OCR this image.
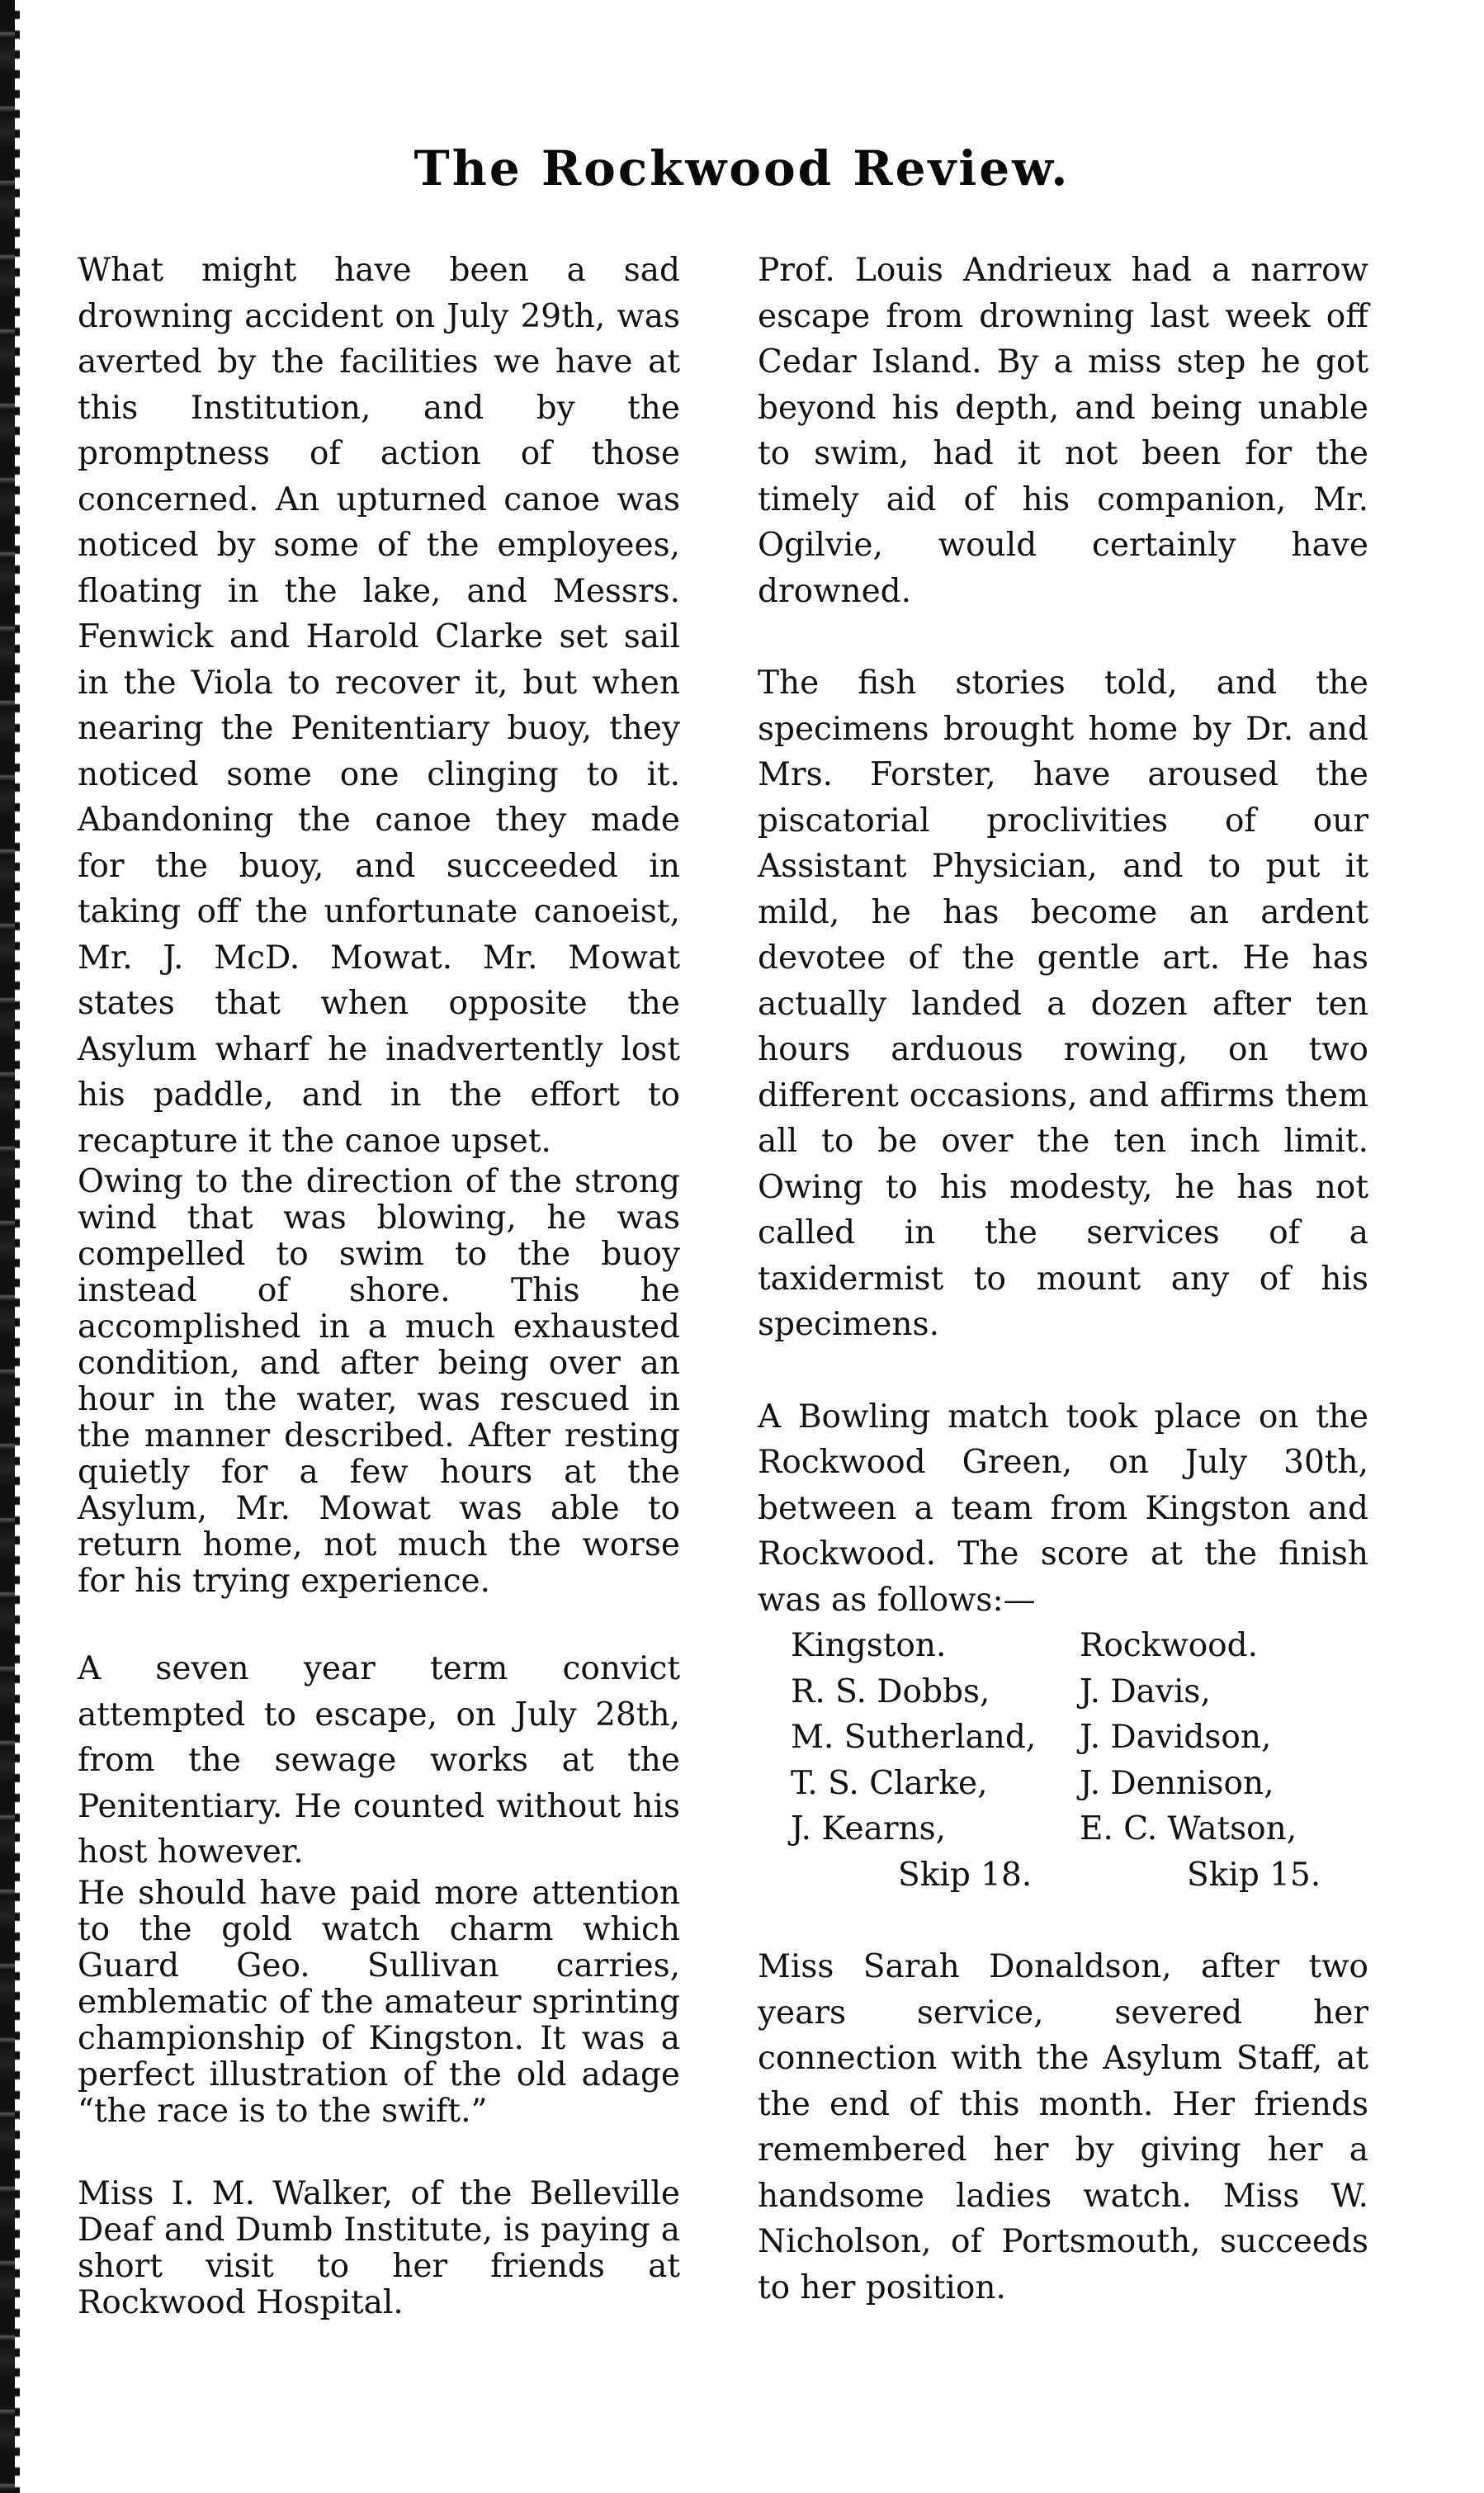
The Rockwood Review.

What might have been a sad drowning accident on July 29th, was averted by the facilities we have at this Institution, and by the promptness of action of those concerned. An upturned canoe was noticed by some of the employees, floating in the lake, and Messrs. Fenwick and Harold Clarke set sail in the Viola to recover it, but when nearing the Penitentiary buoy, they noticed some one clinging to it. Abandoning the canoe they made for the buoy, and succeeded in taking off the unfortunate canoeist, Mr. J. McD. Mowat. Mr. Mowat states that when opposite the Asylum wharf he inadvertently lost his paddle, and in the effort to recapture it the canoe upset.

Owing to the direction of the strong wind that was blowing, he was compelled to swim to the buoy instead of shore. This he accomplished in a much exhausted condition, and after being over an hour in the water, was rescued in the manner described. After resting quietly for a few hours at the Asylum, Mr. Mowat was able to return home, not much the worse for his trying experience.

A seven year term convict attempted to escape, on July 28th, from the sewage works at the Penitentiary. He counted without his host however.

He should have paid more attention to the gold watch charm which Guard Geo. Sullivan carries, emblematic of the amateur sprinting championship of Kingston. It was a perfect illustration of the old adage “the race is to the swift.”

Miss I. M. Walker, of the Belleville Deaf and Dumb Institute, is paying a short visit to her friends at Rockwood Hospital.

Prof. Louis Andrieux had a narrow escape from drowning last week off Cedar Island. By a miss step he got beyond his depth, and being unable to swim, had it not been for the timely aid of his companion, Mr. Ogilvie, would certainly have drowned.

The fish stories told, and the specimens brought home by Dr. and Mrs. Forster, have aroused the piscatorial proclivities of our Assistant Physician, and to put it mild, he has become an ardent devotee of the gentle art. He has actually landed a dozen after ten hours arduous rowing, on two different occasions, and affirms them all to be over the ten inch limit. Owing to his modesty, he has not called in the services of a taxidermist to mount any of his specimens.

A Bowling match took place on the Rockwood Green, on July 30th, between a team from Kingston and Rockwood. The score at the finish was as follows:—

Kingston.	Rockwood.
R. S. Dobbs,	J. Davis,
M. Sutherland,	J. Davidson,
T. S. Clarke,	J. Dennison,
J. Kearns,	E. C. Watson,
Skip 18.	Skip 15.

Miss Sarah Donaldson, after two years service, severed her connection with the Asylum Staff, at the end of this month. Her friends remembered her by giving her a handsome ladies watch. Miss W. Nicholson, of Portsmouth, succeeds to her position.
